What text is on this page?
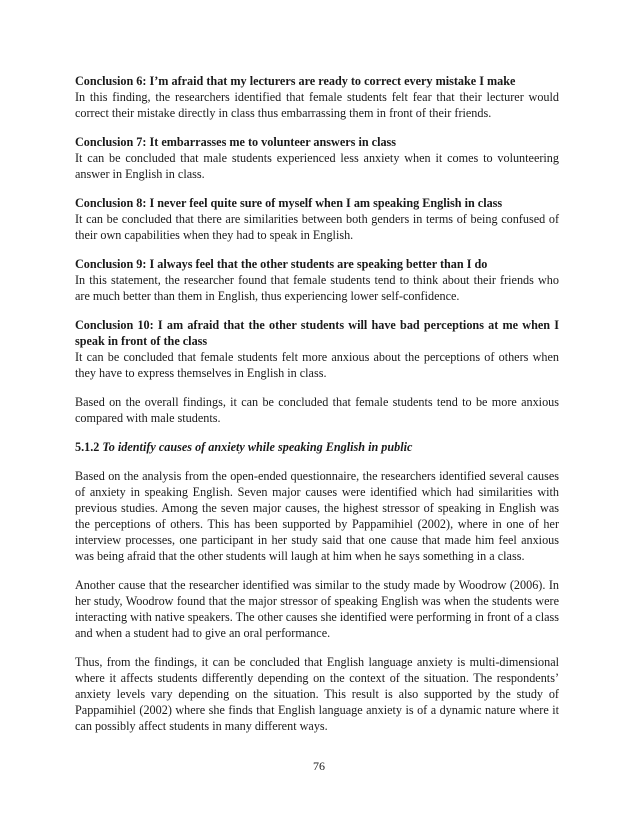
Conclusion 6: I’m afraid that my lecturers are ready to correct every mistake I make
In this finding, the researchers identified that female students felt fear that their lecturer would correct their mistake directly in class thus embarrassing them in front of their friends.
Conclusion 7: It embarrasses me to volunteer answers in class
It can be concluded that male students experienced less anxiety when it comes to volunteering answer in English in class.
Conclusion 8: I never feel quite sure of myself when I am speaking English in class
It can be concluded that there are similarities between both genders in terms of being confused of their own capabilities when they had to speak in English.
Conclusion 9: I always feel that the other students are speaking better than I do
In this statement, the researcher found that female students tend to think about their friends who are much better than them in English, thus experiencing lower self-confidence.
Conclusion 10: I am afraid that the other students will have bad perceptions at me when I speak in front of the class
It can be concluded that female students felt more anxious about the perceptions of others when they have to express themselves in English in class.

Based on the overall findings, it can be concluded that female students tend to be more anxious compared with male students.

5.1.2 To identify causes of anxiety while speaking English in public

Based on the analysis from the open-ended questionnaire, the researchers identified several causes of anxiety in speaking English. Seven major causes were identified which had similarities with previous studies. Among the seven major causes, the highest stressor of speaking in English was the perceptions of others. This has been supported by Pappamihiel (2002), where in one of her interview processes, one participant in her study said that one cause that made him feel anxious was being afraid that the other students will laugh at him when he says something in a class.

Another cause that the researcher identified was similar to the study made by Woodrow (2006). In her study, Woodrow found that the major stressor of speaking English was when the students were interacting with native speakers. The other causes she identified were performing in front of a class and when a student had to give an oral performance.

Thus, from the findings, it can be concluded that English language anxiety is multi-dimensional where it affects students differently depending on the context of the situation. The respondents’ anxiety levels vary depending on the situation. This result is also supported by the study of Pappamihiel (2002) where she finds that English language anxiety is of a dynamic nature where it can possibly affect students in many different ways.

76
